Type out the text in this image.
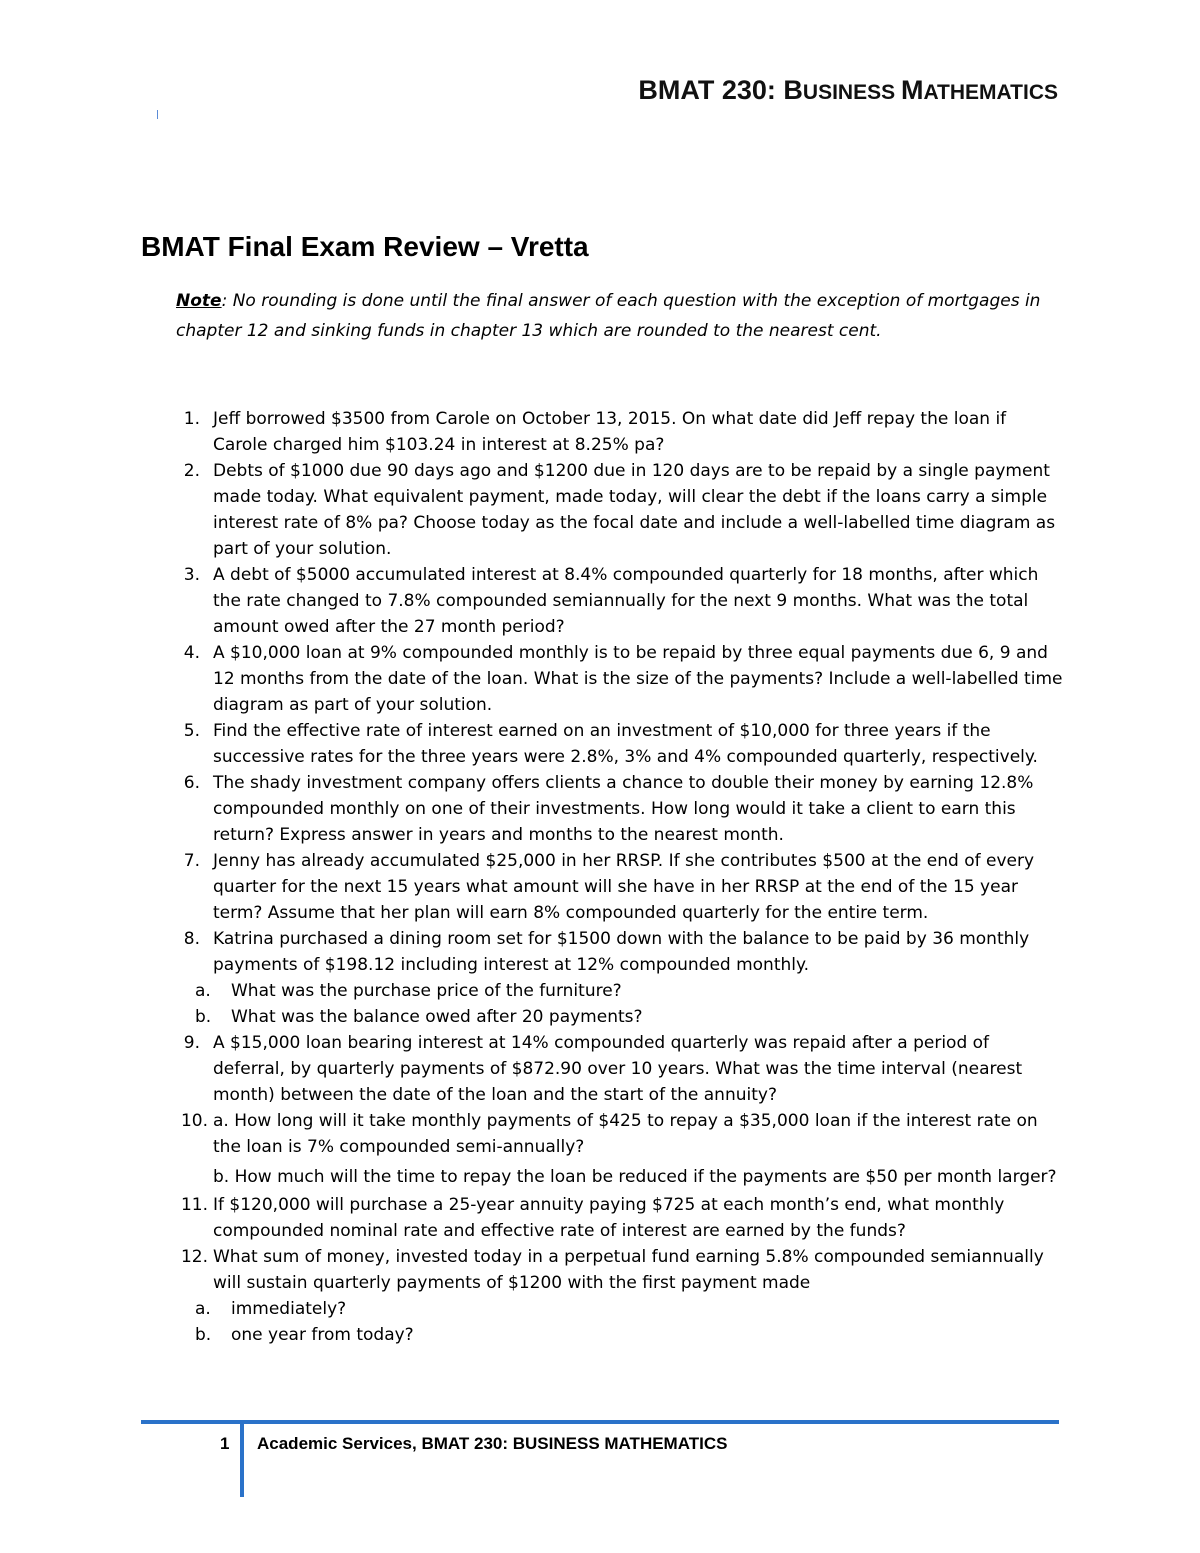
BMAT 230: BUSINESS MATHEMATICS
BMAT Final Exam Review – Vretta
Note: No rounding is done until the final answer of each question with the exception of mortgages in chapter 12 and sinking funds in chapter 13 which are rounded to the nearest cent.
1. Jeff borrowed $3500 from Carole on October 13, 2015. On what date did Jeff repay the loan if Carole charged him $103.24 in interest at 8.25% pa?
2. Debts of $1000 due 90 days ago and $1200 due in 120 days are to be repaid by a single payment made today. What equivalent payment, made today, will clear the debt if the loans carry a simple interest rate of 8% pa? Choose today as the focal date and include a well-labelled time diagram as part of your solution.
3. A debt of $5000 accumulated interest at 8.4% compounded quarterly for 18 months, after which the rate changed to 7.8% compounded semiannually for the next 9 months. What was the total amount owed after the 27 month period?
4. A $10,000 loan at 9% compounded monthly is to be repaid by three equal payments due 6, 9 and 12 months from the date of the loan. What is the size of the payments? Include a well-labelled time diagram as part of your solution.
5. Find the effective rate of interest earned on an investment of $10,000 for three years if the successive rates for the three years were 2.8%, 3% and 4% compounded quarterly, respectively.
6. The shady investment company offers clients a chance to double their money by earning 12.8% compounded monthly on one of their investments. How long would it take a client to earn this return? Express answer in years and months to the nearest month.
7. Jenny has already accumulated $25,000 in her RRSP. If she contributes $500 at the end of every quarter for the next 15 years what amount will she have in her RRSP at the end of the 15 year term? Assume that her plan will earn 8% compounded quarterly for the entire term.
8. Katrina purchased a dining room set for $1500 down with the balance to be paid by 36 monthly payments of $198.12 including interest at 12% compounded monthly.
a. What was the purchase price of the furniture?
b. What was the balance owed after 20 payments?
9. A $15,000 loan bearing interest at 14% compounded quarterly was repaid after a period of deferral, by quarterly payments of $872.90 over 10 years. What was the time interval (nearest month) between the date of the loan and the start of the annuity?
10. a. How long will it take monthly payments of $425 to repay a $35,000 loan if the interest rate on the loan is 7% compounded semi-annually?
b. How much will the time to repay the loan be reduced if the payments are $50 per month larger?
11. If $120,000 will purchase a 25-year annuity paying $725 at each month’s end, what monthly compounded nominal rate and effective rate of interest are earned by the funds?
12. What sum of money, invested today in a perpetual fund earning 5.8% compounded semiannually will sustain quarterly payments of $1200 with the first payment made
a. immediately?
b. one year from today?
1 Academic Services, BMAT 230: BUSINESS MATHEMATICS
